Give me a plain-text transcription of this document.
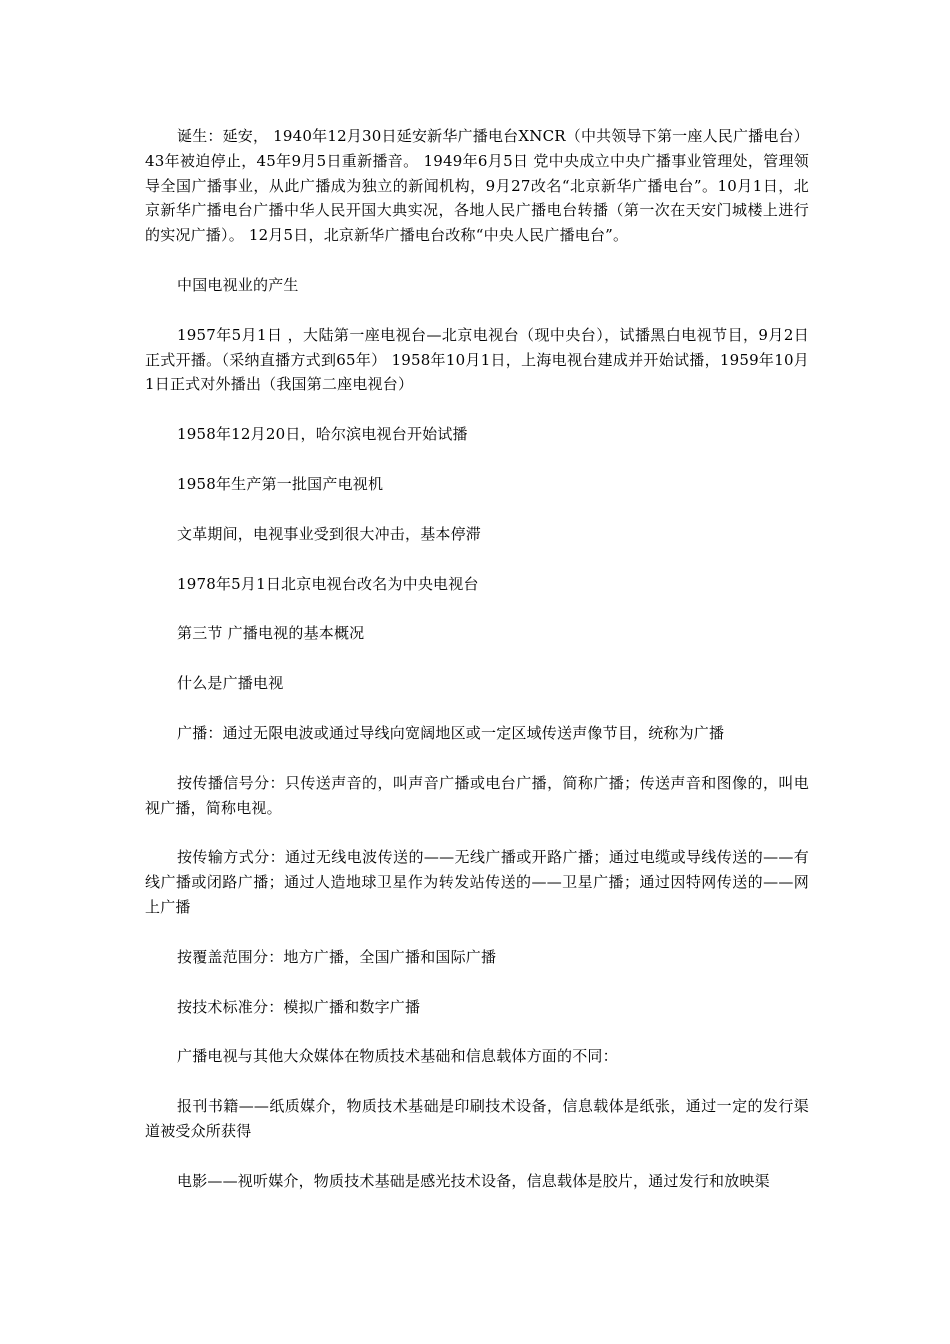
诞生：延安， 1940年12月30日延安新华广播电台XNCR（中共领导下第一座人民广播电台）43年被迫停止，45年9月5日重新播音。 1949年6月5日 党中央成立中央广播事业管理处，管理领导全国广播事业，从此广播成为独立的新闻机构，9月27改名“北京新华广播电台”。10月1日，北京新华广播电台广播中华人民开国大典实况，各地人民广播电台转播（第一次在天安门城楼上进行的实况广播）。 12月5日，北京新华广播电台改称“中央人民广播电台”。

中国电视业的产生

1957年5月1日 ，大陆第一座电视台—北京电视台（现中央台），试播黑白电视节目，9月2日正式开播。（采纳直播方式到65年） 1958年10月1日，上海电视台建成并开始试播，1959年10月1日正式对外播出（我国第二座电视台）

1958年12月20日，哈尔滨电视台开始试播

1958年生产第一批国产电视机

文革期间，电视事业受到很大冲击，基本停滞

1978年5月1日北京电视台改名为中央电视台

第三节 广播电视的基本概况

什么是广播电视

广播：通过无限电波或通过导线向宽阔地区或一定区域传送声像节目，统称为广播

按传播信号分：只传送声音的，叫声音广播或电台广播，简称广播；传送声音和图像的，叫电视广播，简称电视。

按传输方式分：通过无线电波传送的——无线广播或开路广播；通过电缆或导线传送的——有线广播或闭路广播；通过人造地球卫星作为转发站传送的——卫星广播；通过因特网传送的——网上广播

按覆盖范围分：地方广播，全国广播和国际广播

按技术标准分：模拟广播和数字广播

广播电视与其他大众媒体在物质技术基础和信息载体方面的不同：

报刊书籍——纸质媒介，物质技术基础是印刷技术设备，信息载体是纸张，通过一定的发行渠道被受众所获得

电影——视听媒介，物质技术基础是感光技术设备，信息载体是胶片，通过发行和放映渠
